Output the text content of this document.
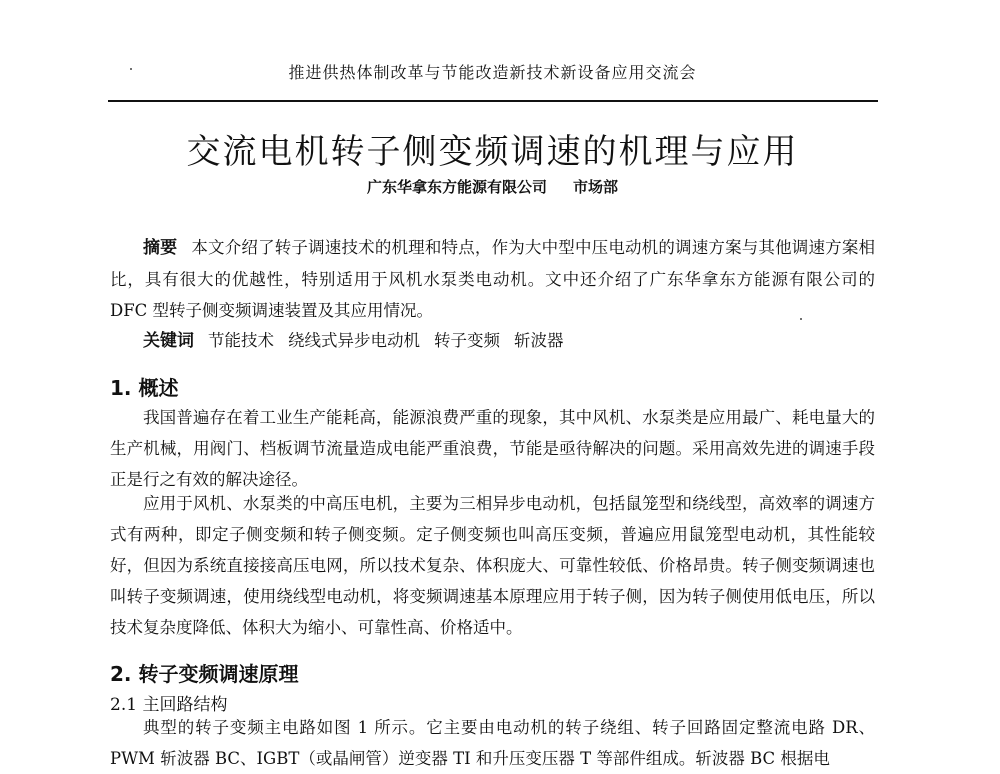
推进供热体制改革与节能改造新技术新设备应用交流会
交流电机转子侧变频调速的机理与应用
广东华拿东方能源有限公司 市场部
摘要 本文介绍了转子调速技术的机理和特点，作为大中型中压电动机的调速方案与其他调速方案相比，具有很大的优越性，特别适用于风机水泵类电动机。文中还介绍了广东华拿东方能源有限公司的 DFC 型转子侧变频调速装置及其应用情况。
关键词 节能技术 绕线式异步电动机 转子变频 斩波器
1. 概述
我国普遍存在着工业生产能耗高，能源浪费严重的现象，其中风机、水泵类是应用最广、耗电量大的生产机械，用阀门、档板调节流量造成电能严重浪费，节能是亟待解决的问题。采用高效先进的调速手段正是行之有效的解决途径。
应用于风机、水泵类的中高压电机，主要为三相异步电动机，包括鼠笼型和绕线型，高效率的调速方式有两种，即定子侧变频和转子侧变频。定子侧变频也叫高压变频，普遍应用鼠笼型电动机，其性能较好，但因为系统直接接高压电网，所以技术复杂、体积庞大、可靠性较低、价格昂贵。转子侧变频调速也叫转子变频调速，使用绕线型电动机，将变频调速基本原理应用于转子侧，因为转子侧使用低电压，所以技术复杂度降低、体积大为缩小、可靠性高、价格适中。
2. 转子变频调速原理
2.1 主回路结构
典型的转子变频主电路如图 1 所示。它主要由电动机的转子绕组、转子回路固定整流电路 DR、PWM 斩波器 BC、IGBT（或晶闸管）逆变器 TI 和升压变压器 T 等部件组成。斩波器 BC 根据电
